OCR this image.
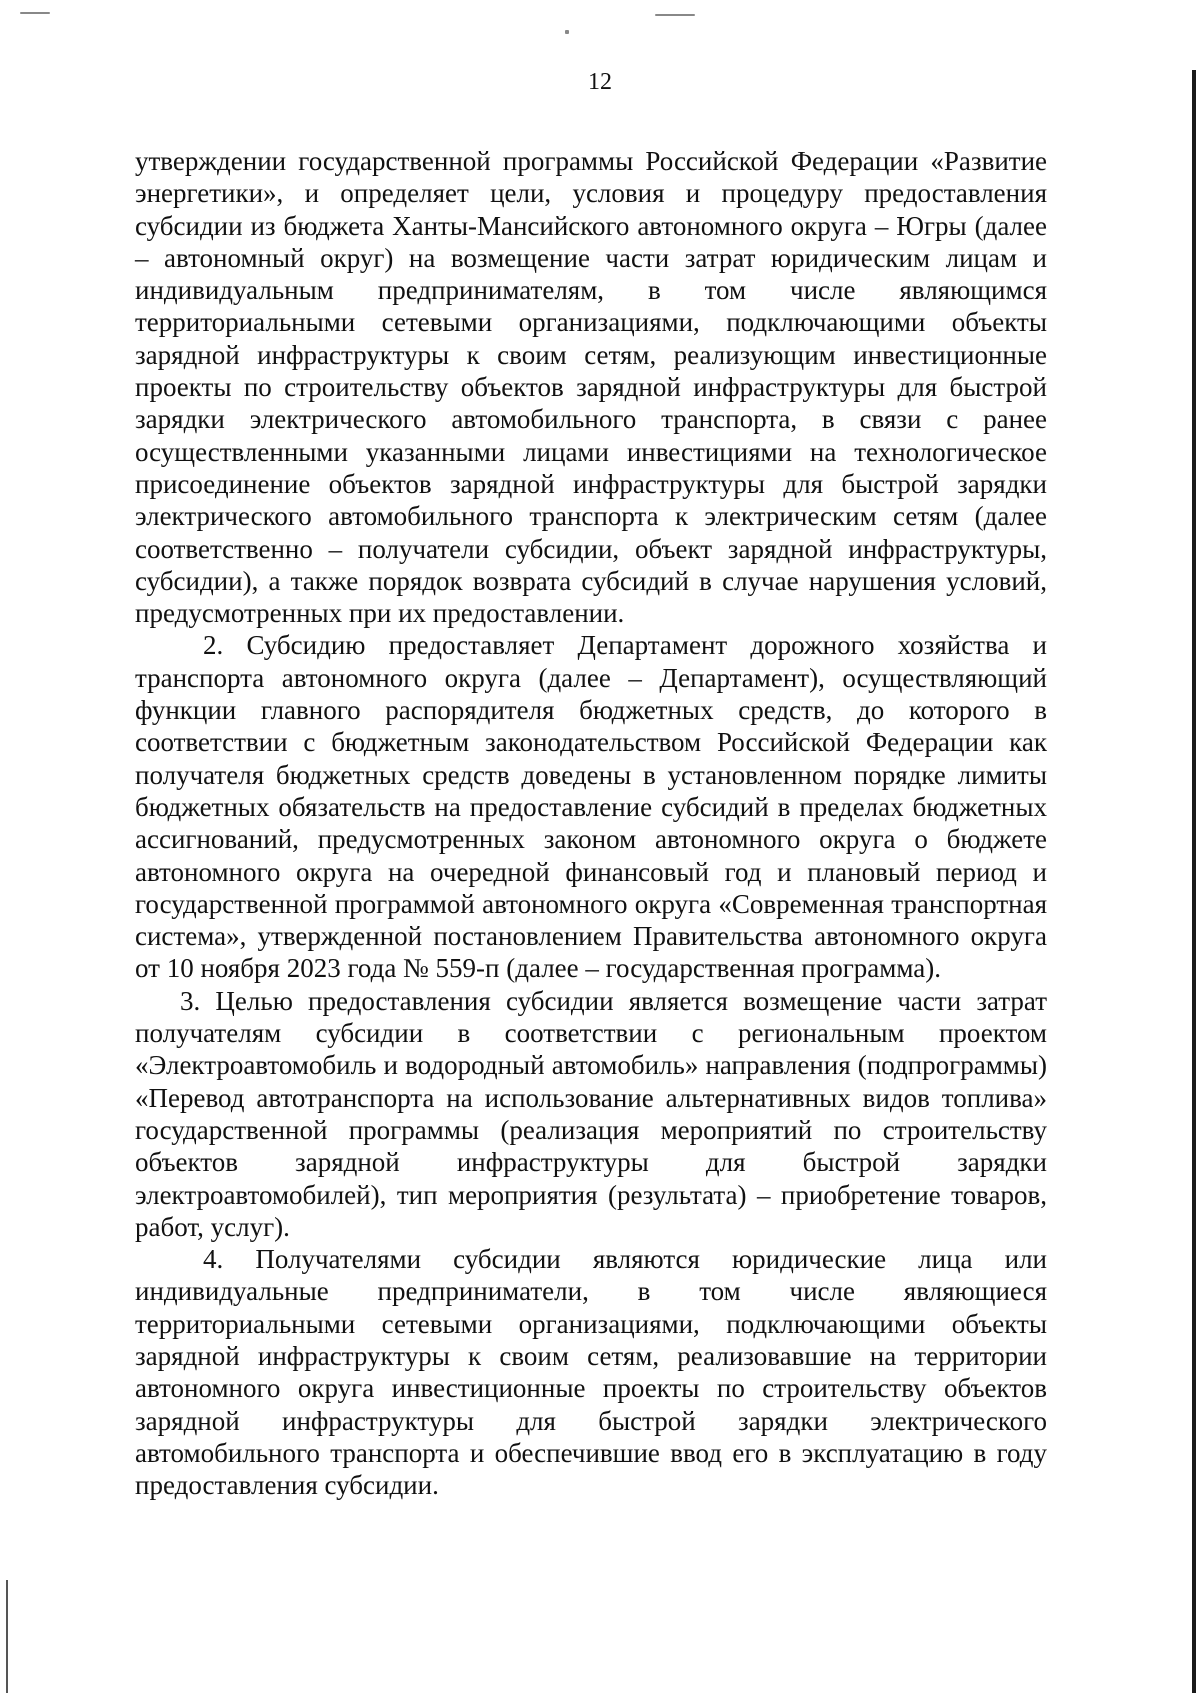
12

утверждении государственной программы Российской Федерации «Развитие энергетики», и определяет цели, условия и процедуру предоставления субсидии из бюджета Ханты-Мансийского автономного округа – Югры (далее – автономный округ) на возмещение части затрат юридическим лицам и индивидуальным предпринимателям, в том числе являющимся территориальными сетевыми организациями, подключающими объекты зарядной инфраструктуры к своим сетям, реализующим инвестиционные проекты по строительству объектов зарядной инфраструктуры для быстрой зарядки электрического автомобильного транспорта, в связи с ранее осуществленными указанными лицами инвестициями на технологическое присоединение объектов зарядной инфраструктуры для быстрой зарядки электрического автомобильного транспорта к электрическим сетям (далее соответственно – получатели субсидии, объект зарядной инфраструктуры, субсидии), а также порядок возврата субсидий в случае нарушения условий, предусмотренных при их предоставлении.

2. Субсидию предоставляет Департамент дорожного хозяйства и транспорта автономного округа (далее – Департамент), осуществляющий функции главного распорядителя бюджетных средств, до которого в соответствии с бюджетным законодательством Российской Федерации как получателя бюджетных средств доведены в установленном порядке лимиты бюджетных обязательств на предоставление субсидий в пределах бюджетных ассигнований, предусмотренных законом автономного округа о бюджете автономного округа на очередной финансовый год и плановый период и государственной программой автономного округа «Современная транспортная система», утвержденной постановлением Правительства автономного округа от 10 ноября 2023 года № 559-п (далее – государственная программа).

3. Целью предоставления субсидии является возмещение части затрат получателям субсидии в соответствии с региональным проектом «Электроавтомобиль и водородный автомобиль» направления (подпрограммы) «Перевод автотранспорта на использование альтернативных видов топлива» государственной программы (реализация мероприятий по строительству объектов зарядной инфраструктуры для быстрой зарядки электроавтомобилей), тип мероприятия (результата) – приобретение товаров, работ, услуг).

4. Получателями субсидии являются юридические лица или индивидуальные предприниматели, в том числе являющиеся территориальными сетевыми организациями, подключающими объекты зарядной инфраструктуры к своим сетям, реализовавшие на территории автономного округа инвестиционные проекты по строительству объектов зарядной инфраструктуры для быстрой зарядки электрического автомобильного транспорта и обеспечившие ввод его в эксплуатацию в году предоставления субсидии.
